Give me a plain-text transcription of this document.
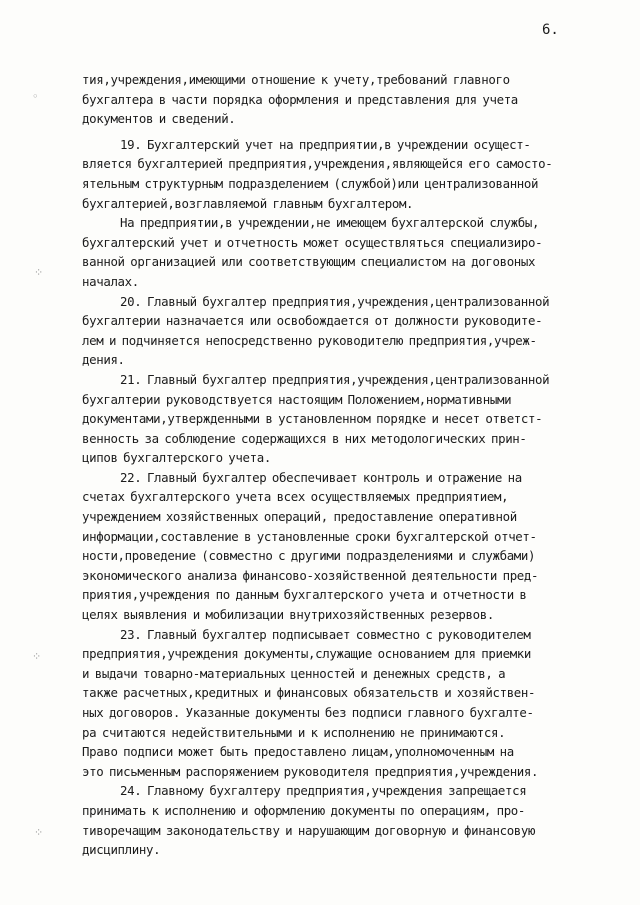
6.
◦
⁘
⁘
⁘
тия,учреждения,имеющими отношение к учету,требований главного
бухгалтера в части порядка оформления и представления для учета
документов и сведений.
19. Бухгалтерский учет на предприятии,в учреждении осущест-
вляется бухгалтерией предприятия,учреждения,являющейся его самосто-
ятельным структурным подразделением (службой)или централизованной
бухгалтерией,возглавляемой главным бухгалтером.
На предприятии,в учреждении,не имеющем бухгалтерской службы,
бухгалтерский учет и отчетность может осуществляться специализиро-
ванной организацией или соответствующим специалистом на договоных
началах.
20. Главный бухгалтер предприятия,учреждения,централизованной
бухгалтерии назначается или освобождается от должности руководите-
лем и подчиняется непосредственно руководителю предприятия,учреж-
дения.
21. Главный бухгалтер предприятия,учреждения,централизованной
бухгалтерии руководствуется настоящим Положением,нормативными
документами,утвержденными в установленном порядке и несет ответст-
венность за соблюдение содержащихся в них методологических прин-
ципов бухгалтерского учета.
22. Главный бухгалтер обеспечивает контроль и отражение на
счетах бухгалтерского учета всех осуществляемых предприятием,
учреждением хозяйственных операций, предоставление оперативной
информации,составление в установленные сроки бухгалтерской отчет-
ности,проведение (совместно с другими подразделениями и службами)
экономического анализа финансово-хозяйственной деятельности пред-
приятия,учреждения по данным бухгалтерского учета и отчетности в
целях выявления и мобилизации внутрихозяйственных резервов.
23. Главный бухгалтер подписывает совместно с руководителем
предприятия,учреждения документы,служащие основанием для приемки
и выдачи товарно-материальных ценностей и денежных средств, а
также расчетных,кредитных и финансовых обязательств и хозяйствен-
ных договоров. Указанные документы без подписи главного бухгалте-
ра считаются недействительными и к исполнению не принимаются.
Право подписи может быть предоставлено лицам,уполномоченным на
это письменным распоряжением руководителя предприятия,учреждения.
24. Главному бухгалтеру предприятия,учреждения запрещается
принимать к исполнению и оформлению документы по операциям, про-
тиворечащим законодательству и нарушающим договорную и финансовую
дисциплину.
